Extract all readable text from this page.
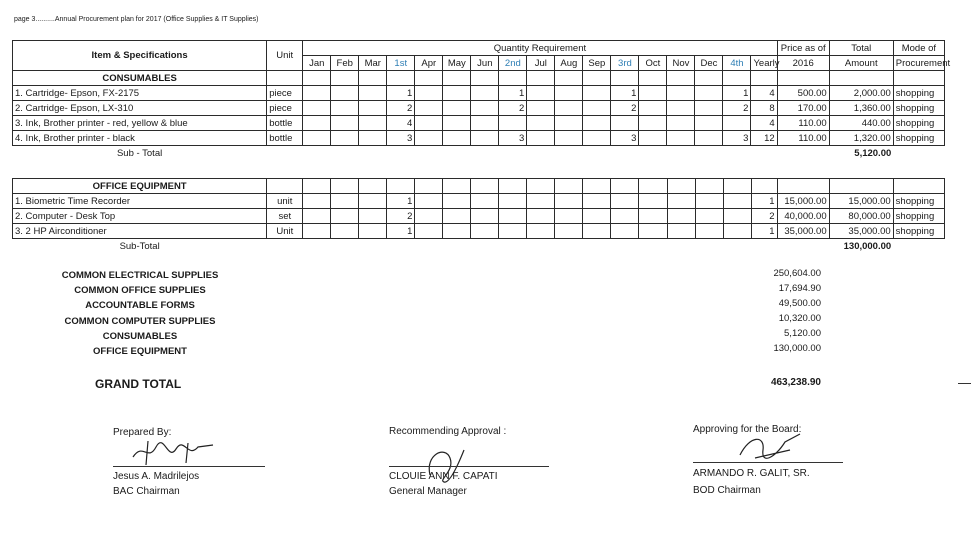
page 3..........Annual Procurement plan for 2017 (Office Supplies & IT Supplies)
Item & Specifications	Unit	Quantity Requirement																	Price as of	Total	Mode of
		Jan	Feb	Mar	1st	Apr	May	Jun	2nd	Jul	Aug	Sep	3rd	Oct	Nov	Dec	4th	Yearly	2016	Amount	Procurement
CONSUMABLES																					
1. Cartridge- Epson, FX-2175	piece				1				1				1				1	4	500.00	2,000.00	shopping
2. Cartridge- Epson, LX-310	piece				2				2				2				2	8	170.00	1,360.00	shopping
3. Ink, Brother printer - red, yellow & blue	bottle				4													4	110.00	440.00	shopping
4. Ink, Brother printer - black	bottle				3				3				3				3	12	110.00	1,320.00	shopping
Sub - Total																				5,120.00	
OFFICE EQUIPMENT																					
1. Biometric Time Recorder	unit				1													1	15,000.00	15,000.00	shopping
2. Computer - Desk Top	set				2													2	40,000.00	80,000.00	shopping
3. 2 HP Airconditioner	Unit				1													1	35,000.00	35,000.00	shopping
Sub-Total																				130,000.00	
COMMON ELECTRICAL SUPPLIES	250,604.00
COMMON OFFICE SUPPLIES	17,694.90
ACCOUNTABLE FORMS	49,500.00
COMMON COMPUTER SUPPLIES	10,320.00
CONSUMABLES	5,120.00
OFFICE EQUIPMENT	130,000.00
GRAND TOTAL	463,238.90
Prepared By:
Jesus A. Madrilejos
BAC Chairman
Recommending Approval :
CLOUIE ANN F. CAPATI
General Manager
Approving for the Board:
ARMANDO R. GALIT, SR.
BOD Chairman
